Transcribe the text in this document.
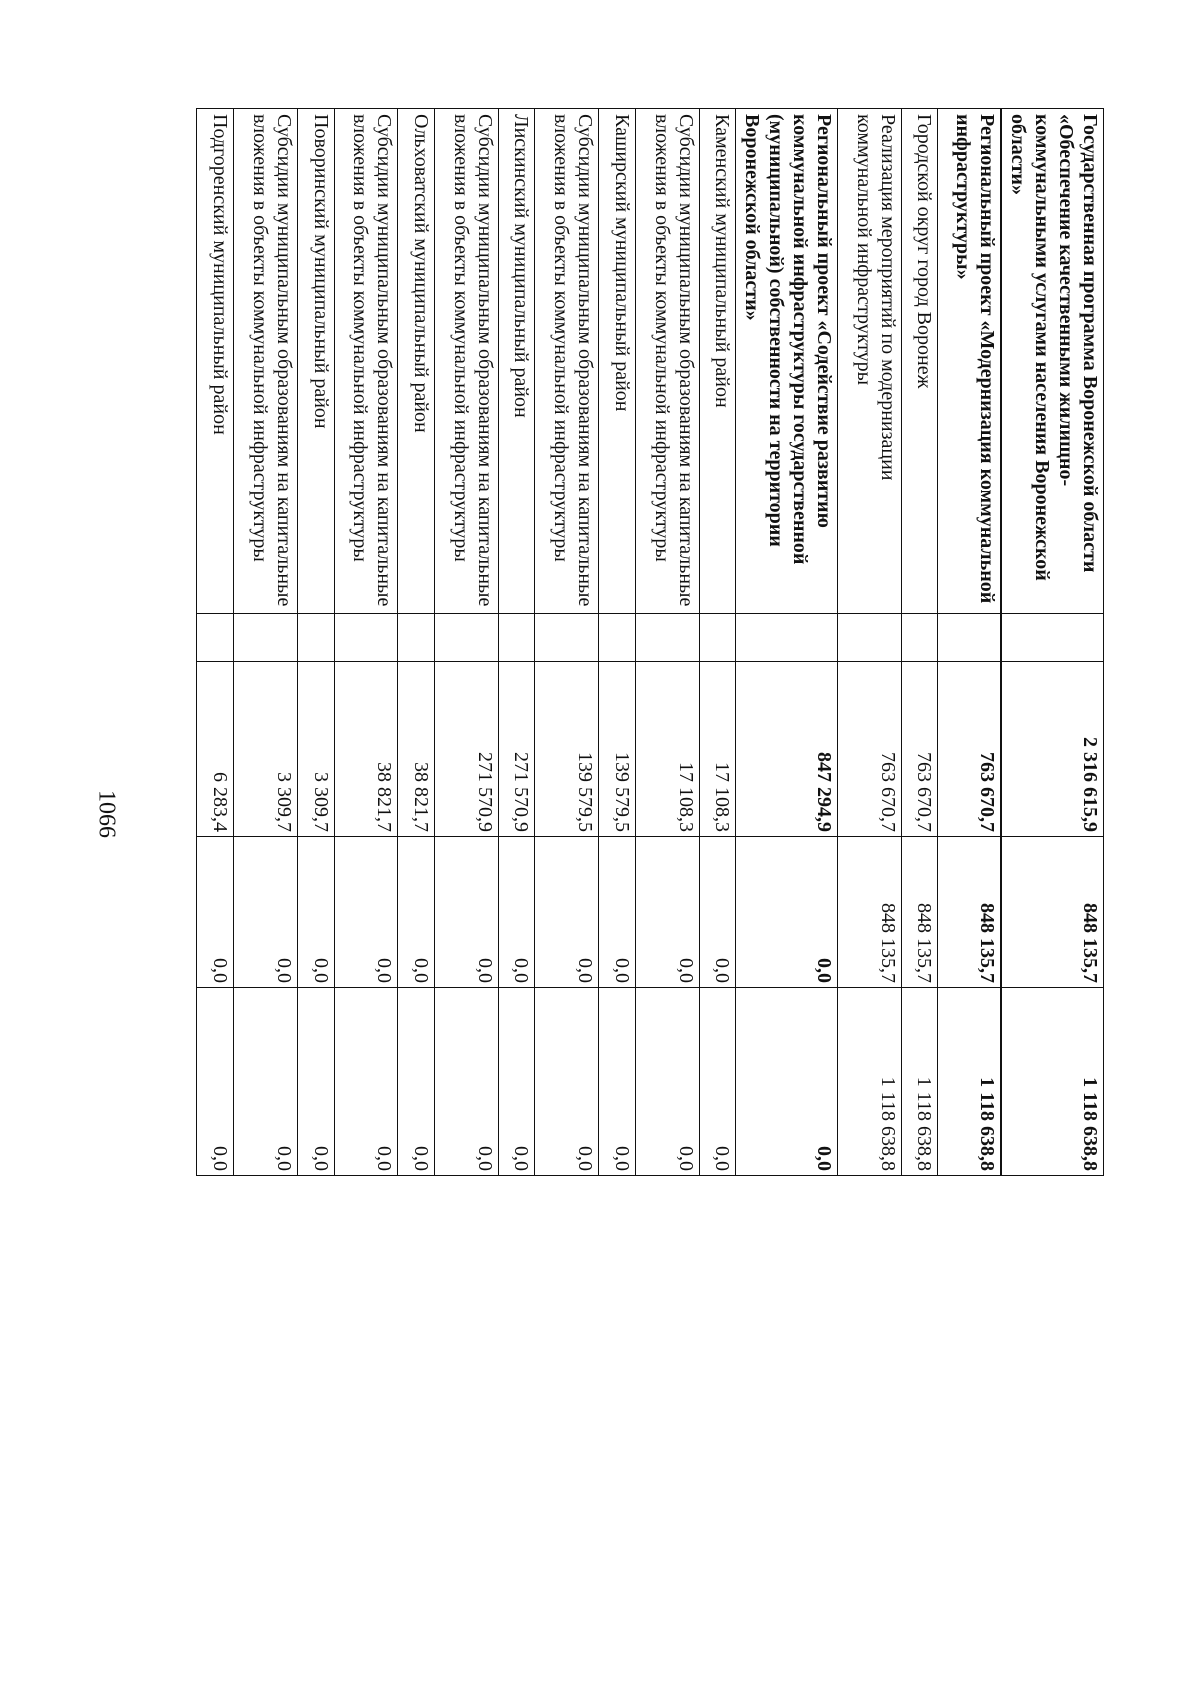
1066
Государственная программа Воронежской области «Обеспечение качественными жилищно-коммунальными услугами населения Воронежской области»		2 316 615,9	848 135,7	1 118 638,8
Региональный проект «Модернизация коммунальной инфраструктуры»		763 670,7	848 135,7	1 118 638,8
Городской округ город Воронеж		763 670,7	848 135,7	1 118 638,8
Реализация мероприятий по модернизации коммунальной инфраструктуры		763 670,7	848 135,7	1 118 638,8
Региональный проект «Содействие развитию коммунальной инфраструктуры государственной (муниципальной) собственности на территории Воронежской области»		847 294,9	0,0	0,0
Каменский муниципальный район		17 108,3	0,0	0,0
Субсидии муниципальным образованиям на капитальные вложения в объекты коммунальной инфраструктуры		17 108,3	0,0	0,0
Каширский муниципальный район		139 579,5	0,0	0,0
Субсидии муниципальным образованиям на капитальные вложения в объекты коммунальной инфраструктуры		139 579,5	0,0	0,0
Лискинский муниципальный район		271 570,9	0,0	0,0
Субсидии муниципальным образованиям на капитальные вложения в объекты коммунальной инфраструктуры		271 570,9	0,0	0,0
Ольховатский муниципальный район		38 821,7	0,0	0,0
Субсидии муниципальным образованиям на капитальные вложения в объекты коммунальной инфраструктуры		38 821,7	0,0	0,0
Поворинский муниципальный район		3 309,7	0,0	0,0
Субсидии муниципальным образованиям на капитальные вложения в объекты коммунальной инфраструктуры		3 309,7	0,0	0,0
Подгоренский муниципальный район		6 283,4	0,0	0,0
